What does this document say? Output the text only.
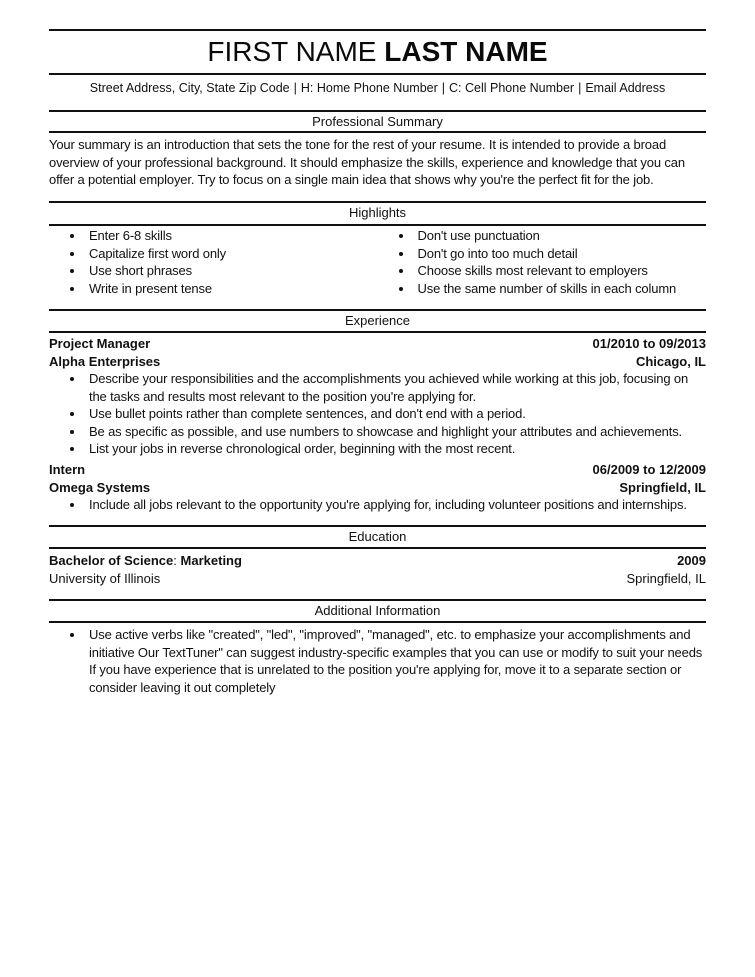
FIRST NAME LAST NAME
Street Address, City, State Zip Code | H: Home Phone Number | C: Cell Phone Number | Email Address
Professional Summary

Your summary is an introduction that sets the tone for the rest of your resume. It is intended to provide a broad overview of your professional background. It should emphasize the skills, experience and knowledge that you can offer a potential employer. Try to focus on a single main idea that shows why you're the perfect fit for the job.

Highlights
Enter 6-8 skills
Capitalize first word only
Use short phrases
Write in present tense
Don't use punctuation
Don't go into too much detail
Choose skills most relevant to employers
Use the same number of skills in each column
Experience
Project Manager	01/2010 to 09/2013
Alpha Enterprises	Chicago, IL
Describe your responsibilities and the accomplishments you achieved while working at this job, focusing on the tasks and results most relevant to the position you're applying for.
Use bullet points rather than complete sentences, and don't end with a period.
Be as specific as possible, and use numbers to showcase and highlight your attributes and achievements.
List your jobs in reverse chronological order, beginning with the most recent.
Intern	06/2009 to 12/2009
Omega Systems	Springfield, IL
Include all jobs relevant to the opportunity you're applying for, including volunteer positions and internships.
Education
Bachelor of Science: Marketing	2009
University of Illinois	Springfield, IL
Additional Information
Use active verbs like "created", "led", "improved", "managed", etc. to emphasize your accomplishments and initiative Our TextTuner" can suggest industry-specific examples that you can use or modify to suit your needs If you have experience that is unrelated to the position you're applying for, move it to a separate section or consider leaving it out completely
